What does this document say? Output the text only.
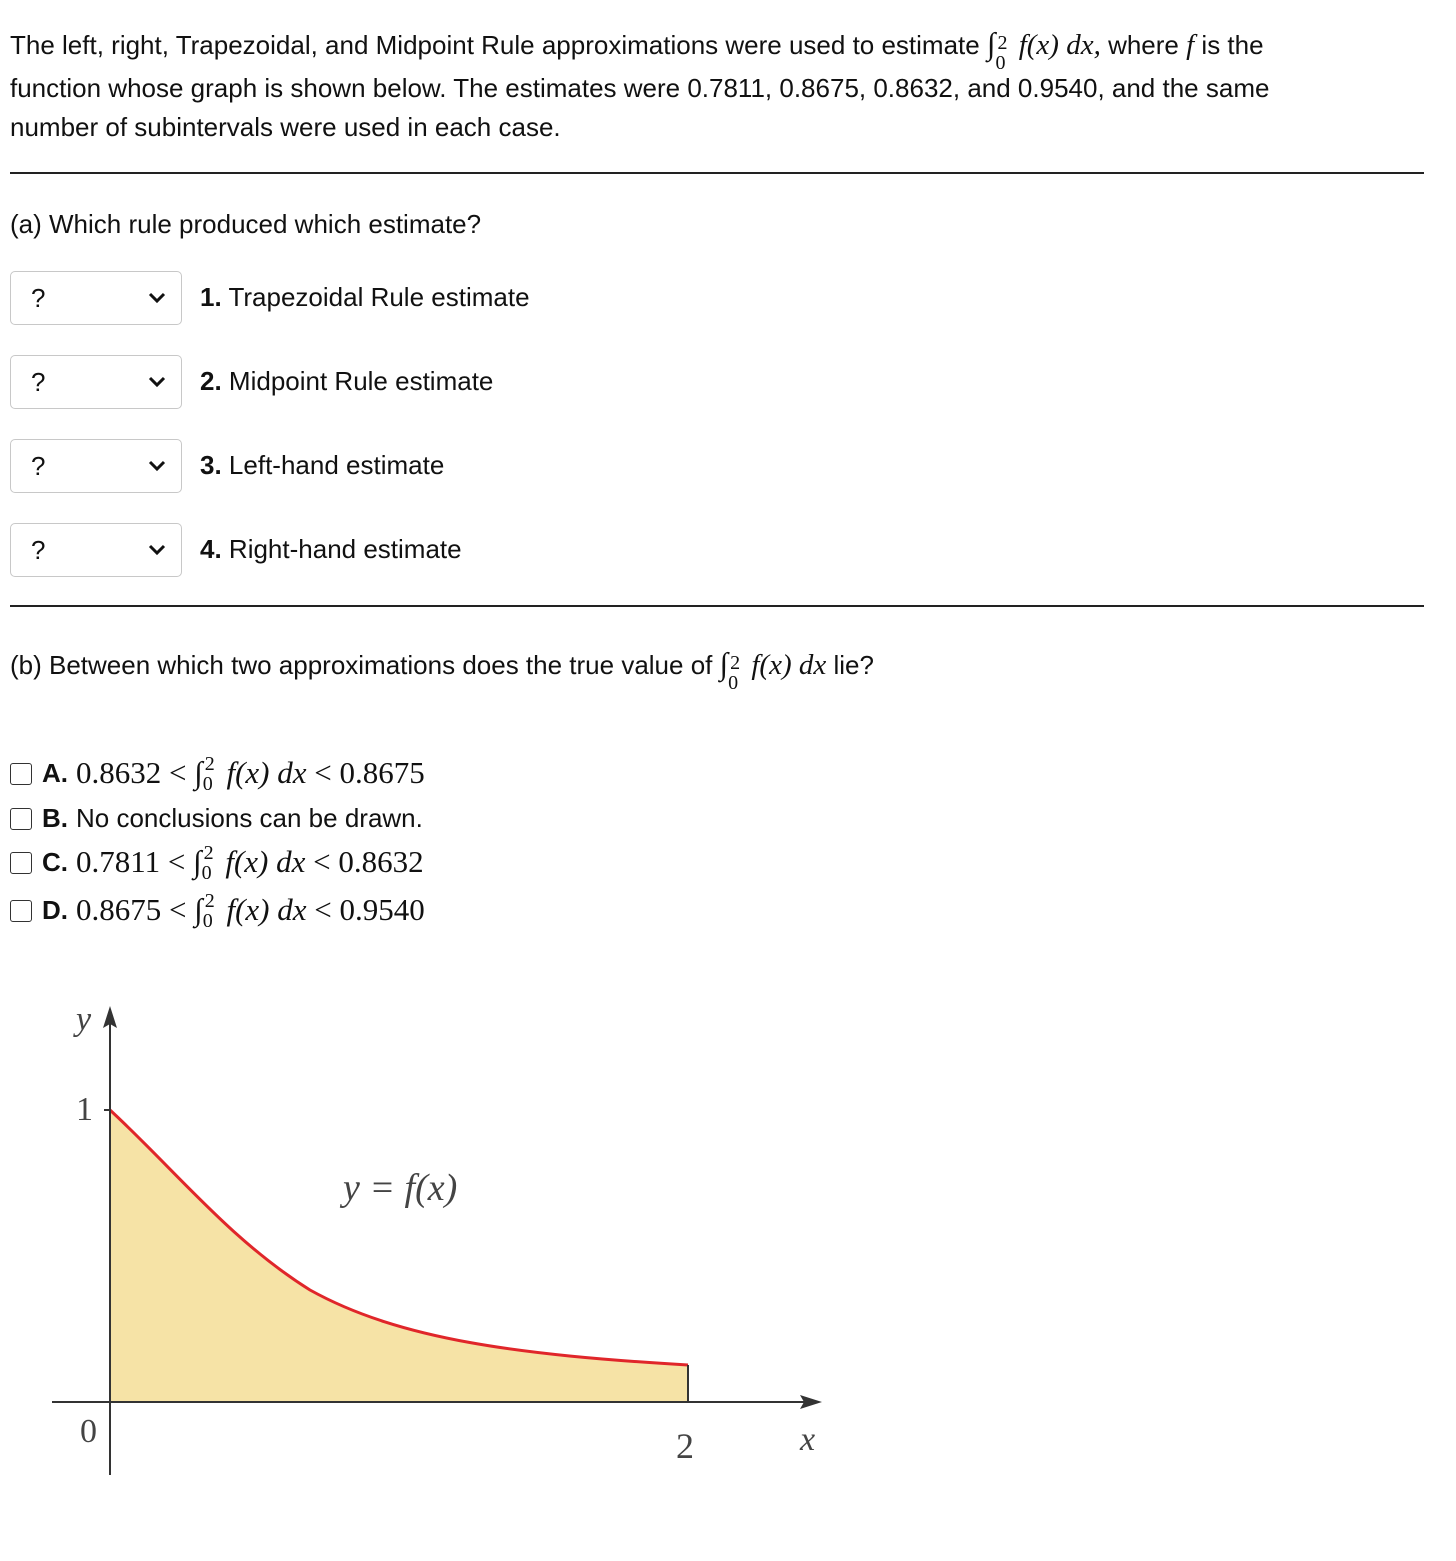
The left, right, Trapezoidal, and Midpoint Rule approximations were used to estimate ∫ 2
0
f(x) dx, where f is the
function whose graph is shown below. The estimates were 0.7811, 0.8675, 0.8632, and 0.9540, and the same
number of subintervals were used in each case.
(a) Which rule produced which estimate?
?	1. Trapezoidal Rule estimate
?	2. Midpoint Rule estimate
?	3. Left-hand estimate
?	4. Right-hand estimate
(b) Between which two approximations does the true value of ∫ 2
0
f(x) dx lie?
A. 0.8632 < ∫ 2
0 f(x) dx < 0.8675
B. No conclusions can be drawn.
C. 0.7811 < ∫ 2
0 f(x) dx < 0.8632
D. 0.8675 < ∫ 2
0 f(x) dx < 0.9540
y
x
1
0	2
y = f(x)
